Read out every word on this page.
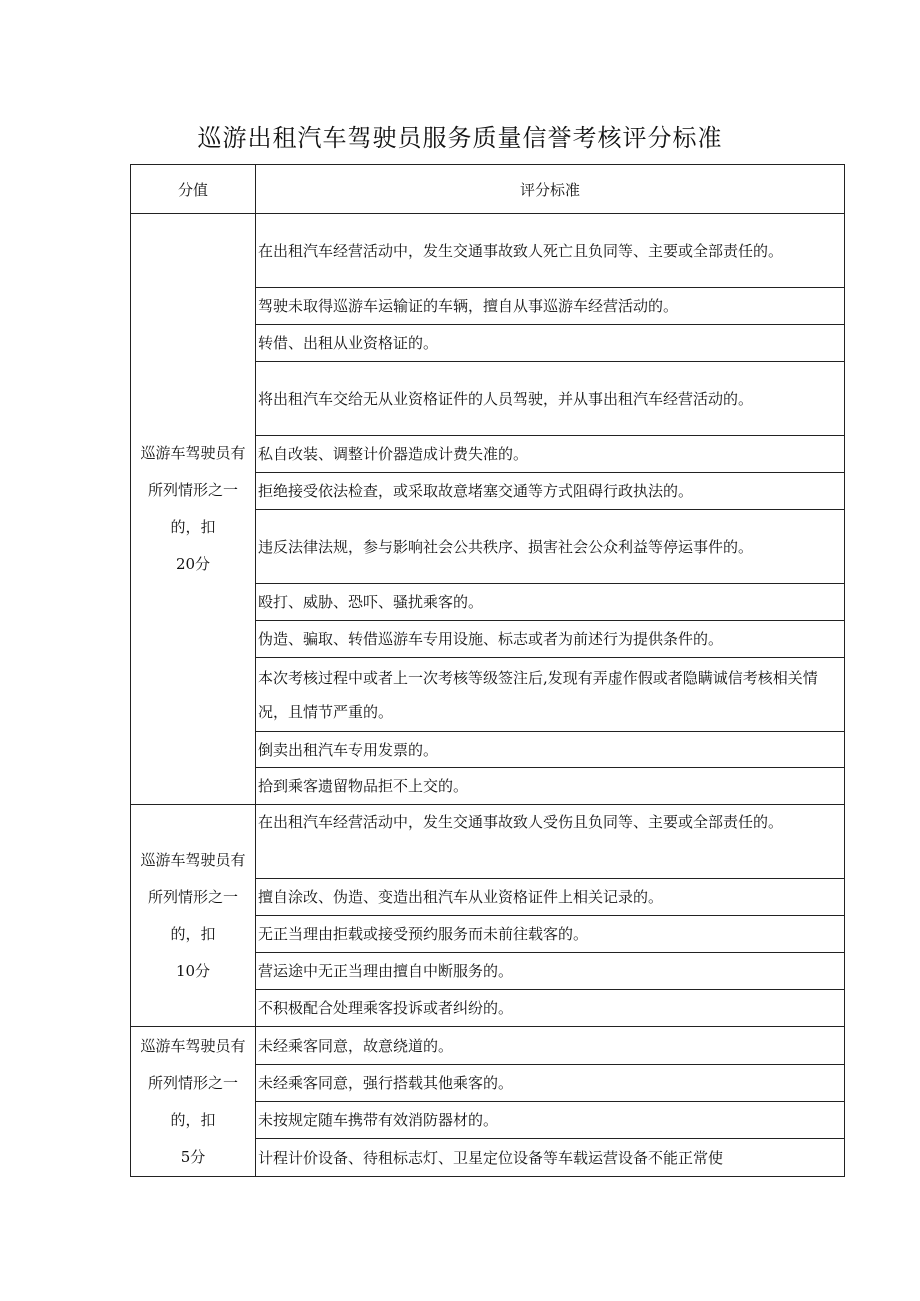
巡游出租汽车驾驶员服务质量信誉考核评分标准
分值	评分标准

巡游车驾驶员有
所列情形之一
的，扣
20分	在出租汽车经营活动中，发生交通事故致人死亡且负同等、主要或全部责任的。
	驾驶未取得巡游车运输证的车辆，擅自从事巡游车经营活动的。
	转借、出租从业资格证的。
	将出租汽车交给无从业资格证件的人员驾驶，并从事出租汽车经营活动的。
	私自改装、调整计价器造成计费失准的。
	拒绝接受依法检查，或采取故意堵塞交通等方式阻碍行政执法的。
	违反法律法规，参与影响社会公共秩序、损害社会公众利益等停运事件的。
	殴打、威胁、恐吓、骚扰乘客的。
	伪造、骗取、转借巡游车专用设施、标志或者为前述行为提供条件的。
	本次考核过程中或者上一次考核等级签注后,发现有弄虚作假或者隐瞒诚信考核相关情况，且情节严重的。
	倒卖出租汽车专用发票的。
	拾到乘客遗留物品拒不上交的。

巡游车驾驶员有
所列情形之一
的，扣
10分	在出租汽车经营活动中，发生交通事故致人受伤且负同等、主要或全部责任的。
	擅自涂改、伪造、变造出租汽车从业资格证件上相关记录的。
	无正当理由拒载或接受预约服务而未前往载客的。
	营运途中无正当理由擅自中断服务的。
	不积极配合处理乘客投诉或者纠纷的。

巡游车驾驶员有
所列情形之一
的，扣
5分	未经乘客同意，故意绕道的。
	未经乘客同意，强行搭载其他乘客的。
	未按规定随车携带有效消防器材的。
	计程计价设备、待租标志灯、卫星定位设备等车载运营设备不能正常使
